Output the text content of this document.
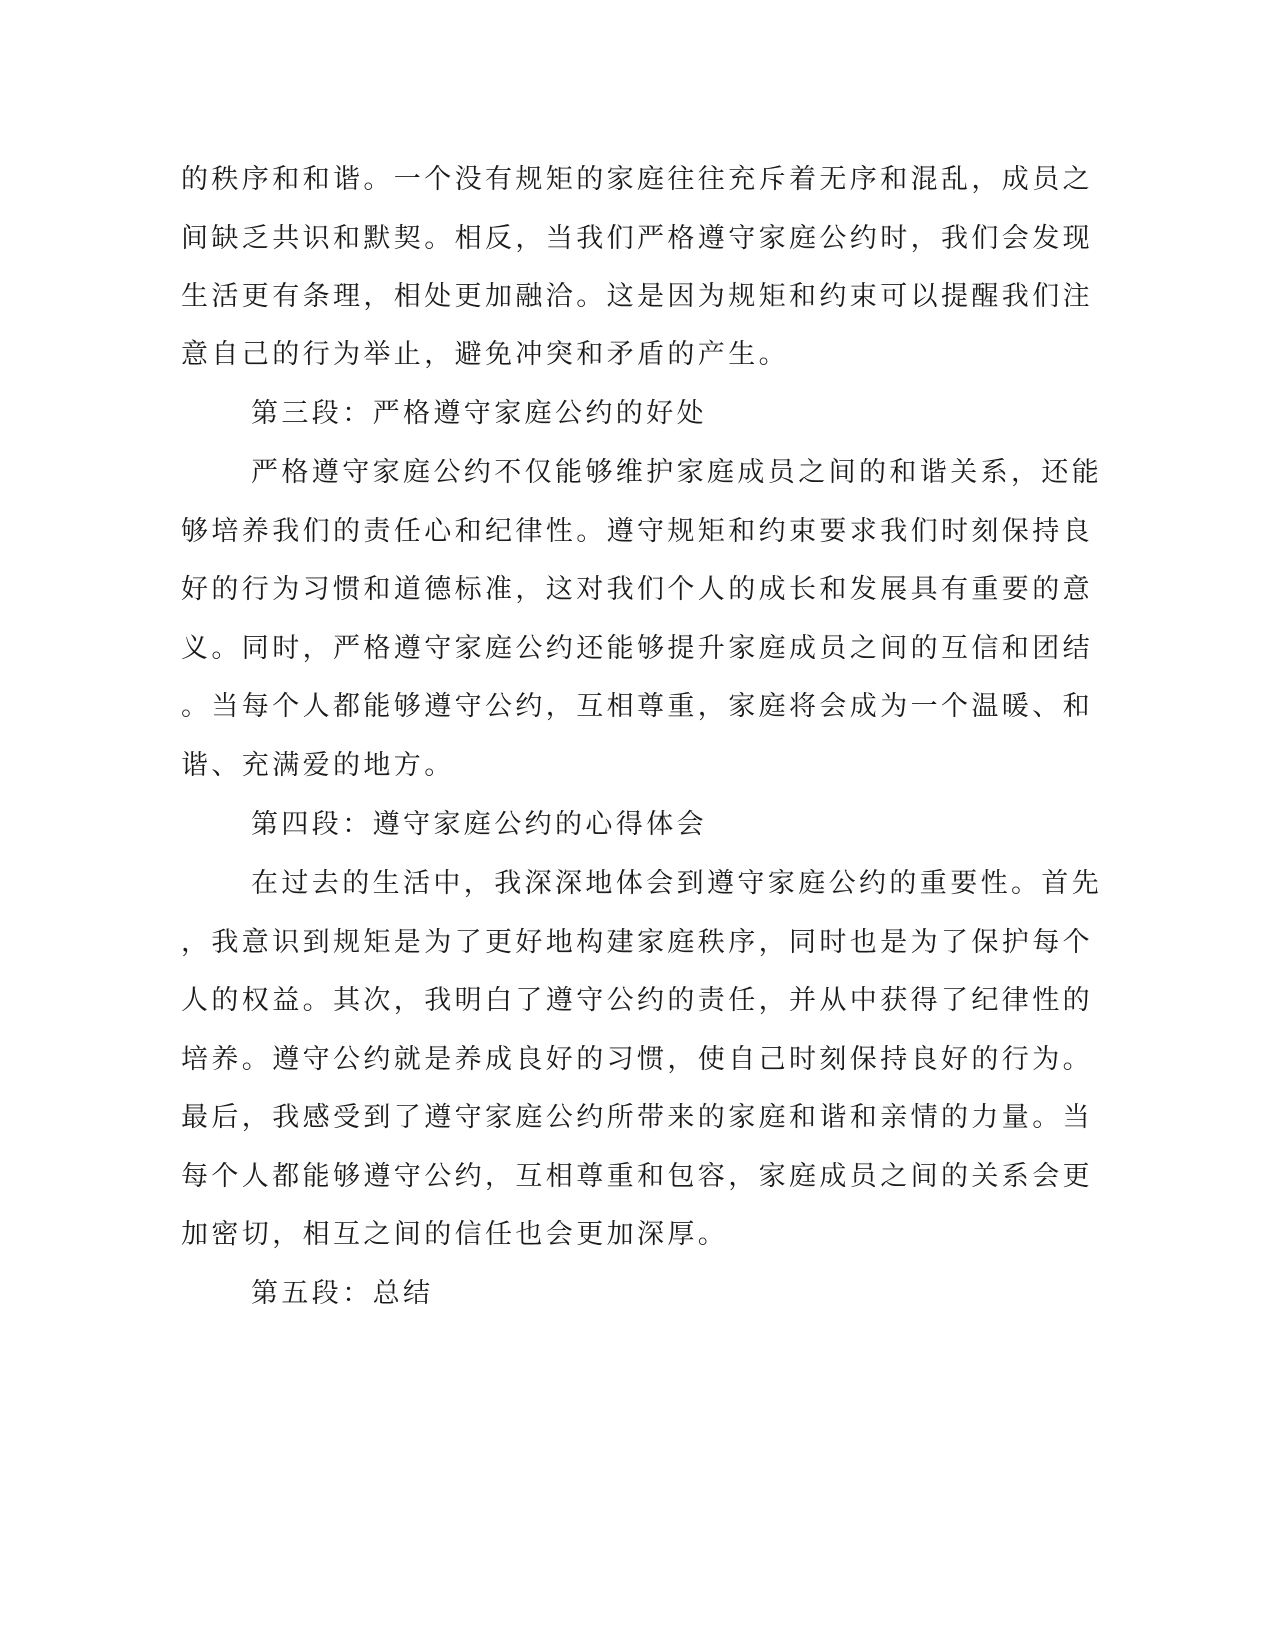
的秩序和和谐。一个没有规矩的家庭往往充斥着无序和混乱，成员之

间缺乏共识和默契。相反，当我们严格遵守家庭公约时，我们会发现

生活更有条理，相处更加融洽。这是因为规矩和约束可以提醒我们注

意自己的行为举止，避免冲突和矛盾的产生。

第三段：严格遵守家庭公约的好处

严格遵守家庭公约不仅能够维护家庭成员之间的和谐关系，还能

够培养我们的责任心和纪律性。遵守规矩和约束要求我们时刻保持良

好的行为习惯和道德标准，这对我们个人的成长和发展具有重要的意

义。同时，严格遵守家庭公约还能够提升家庭成员之间的互信和团结

。当每个人都能够遵守公约，互相尊重，家庭将会成为一个温暖、和

谐、充满爱的地方。

第四段：遵守家庭公约的心得体会

在过去的生活中，我深深地体会到遵守家庭公约的重要性。首先

，我意识到规矩是为了更好地构建家庭秩序，同时也是为了保护每个

人的权益。其次，我明白了遵守公约的责任，并从中获得了纪律性的

培养。遵守公约就是养成良好的习惯，使自己时刻保持良好的行为。

最后，我感受到了遵守家庭公约所带来的家庭和谐和亲情的力量。当

每个人都能够遵守公约，互相尊重和包容，家庭成员之间的关系会更

加密切，相互之间的信任也会更加深厚。

第五段：总结
